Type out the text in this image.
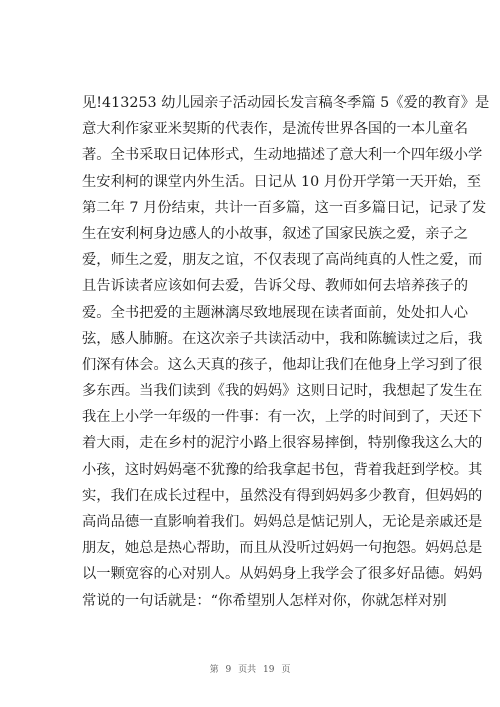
见!413253 幼儿园亲子活动园长发言稿冬季篇 5《爱的教育》是
意大利作家亚米契斯的代表作，是流传世界各国的一本儿童名
著。全书采取日记体形式，生动地描述了意大利一个四年级小学
生安利柯的课堂内外生活。日记从 10 月份开学第一天开始，至
第二年 7 月份结束，共计一百多篇，这一百多篇日记，记录了发
生在安利柯身边感人的小故事，叙述了国家民族之爱，亲子之
爱，师生之爱，朋友之谊，不仅表现了高尚纯真的人性之爱，而
且告诉读者应该如何去爱，告诉父母、教师如何去培养孩子的
爱。全书把爱的主题淋漓尽致地展现在读者面前，处处扣人心
弦，感人肺腑。在这次亲子共读活动中，我和陈毓读过之后，我
们深有体会。这么天真的孩子，他却让我们在他身上学习到了很
多东西。当我们读到《我的妈妈》这则日记时，我想起了发生在
我在上小学一年级的一件事：有一次，上学的时间到了，天还下
着大雨，走在乡村的泥泞小路上很容易摔倒，特别像我这么大的
小孩，这时妈妈毫不犹豫的给我拿起书包，背着我赶到学校。其
实，我们在成长过程中，虽然没有得到妈妈多少教育，但妈妈的
高尚品德一直影响着我们。妈妈总是惦记别人，无论是亲戚还是
朋友，她总是热心帮助，而且从没听过妈妈一句抱怨。妈妈总是
以一颗宽容的心对别人。从妈妈身上我学会了很多好品德。妈妈
常说的一句话就是：“你希望别人怎样对你，你就怎样对别
第 9 页共 19 页
